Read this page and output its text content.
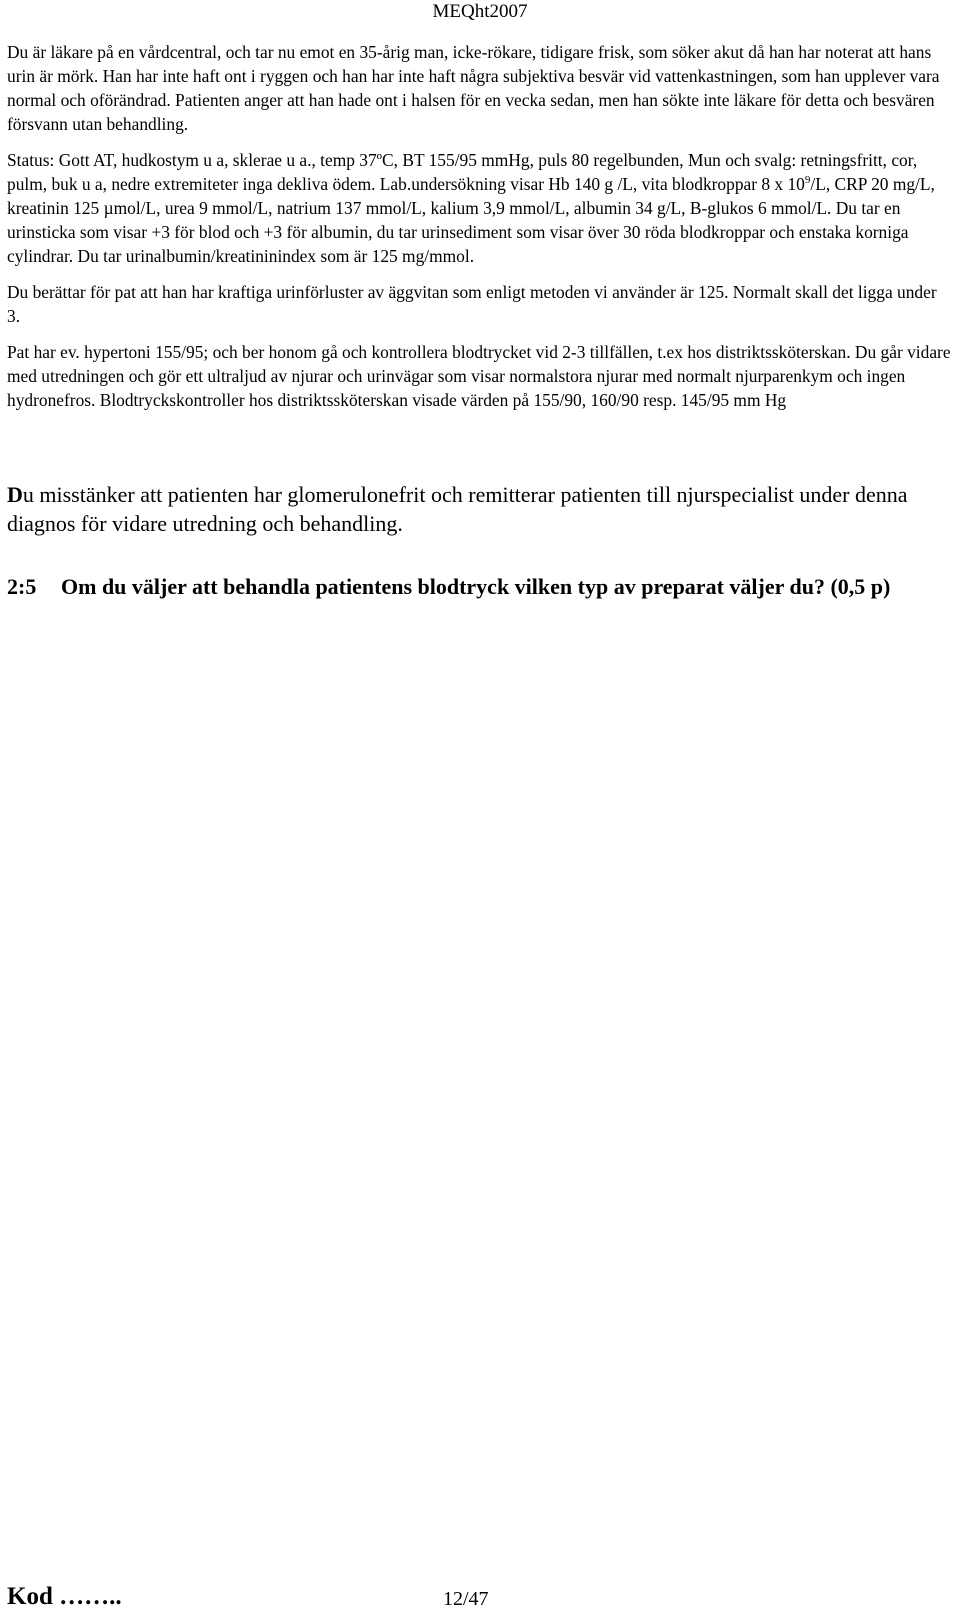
MEQht2007

Du är läkare på en vårdcentral, och tar nu emot en 35-årig man, icke-rökare, tidigare frisk, som söker akut då han har noterat att hans urin är mörk. Han har inte haft ont i ryggen och han har inte haft några subjektiva besvär vid vattenkastningen, som han upplever vara normal och oförändrad. Patienten anger att han hade ont i halsen för en vecka sedan, men han sökte inte läkare för detta och besvären försvann utan behandling.

Status: Gott AT, hudkostym u a, sklerae u a., temp 37ºC, BT 155/95 mmHg, puls 80 regelbunden, Mun och svalg: retningsfritt, cor, pulm, buk u a, nedre extremiteter inga dekliva ödem. Lab.undersökning visar Hb 140 g /L, vita blodkroppar 8 x $10^9/L$, CRP 20 mg/L, kreatinin 125 µmol/L, urea 9 mmol/L, natrium 137 mmol/L, kalium 3,9 mmol/L, albumin 34 g/L, B-glukos 6 mmol/L. Du tar en urinsticka som visar +3 för blod och +3 för albumin, du tar urinsediment som visar över 30 röda blodkroppar och enstaka korniga cylindrar. Du tar urinalbumin/kreatininindex som är 125 mg/mmol.

Du berättar för pat att han har kraftiga urinförluster av äggvitan som enligt metoden vi använder är 125. Normalt skall det ligga under 3.

Pat har ev. hypertoni 155/95; och ber honom gå och kontrollera blodtrycket vid 2-3 tillfällen, t.ex hos distriktssköterskan. Du går vidare med utredningen och gör ett ultraljud av njurar och urinvägar som visar normalstora njurar med normalt njurparenkym och ingen hydronefros. Blodtryckskontroller hos distriktssköterskan visade värden på 155/90, 160/90 resp. 145/95 mm Hg

Du misstänker att patienten har glomerulonefrit och remitterar patienten till njurspecialist under denna diagnos för vidare utredning och behandling.
2:5 Om du väljer att behandla patientens blodtryck vilken typ av preparat väljer du? (0,5 p)
Kod ……..	12/47
